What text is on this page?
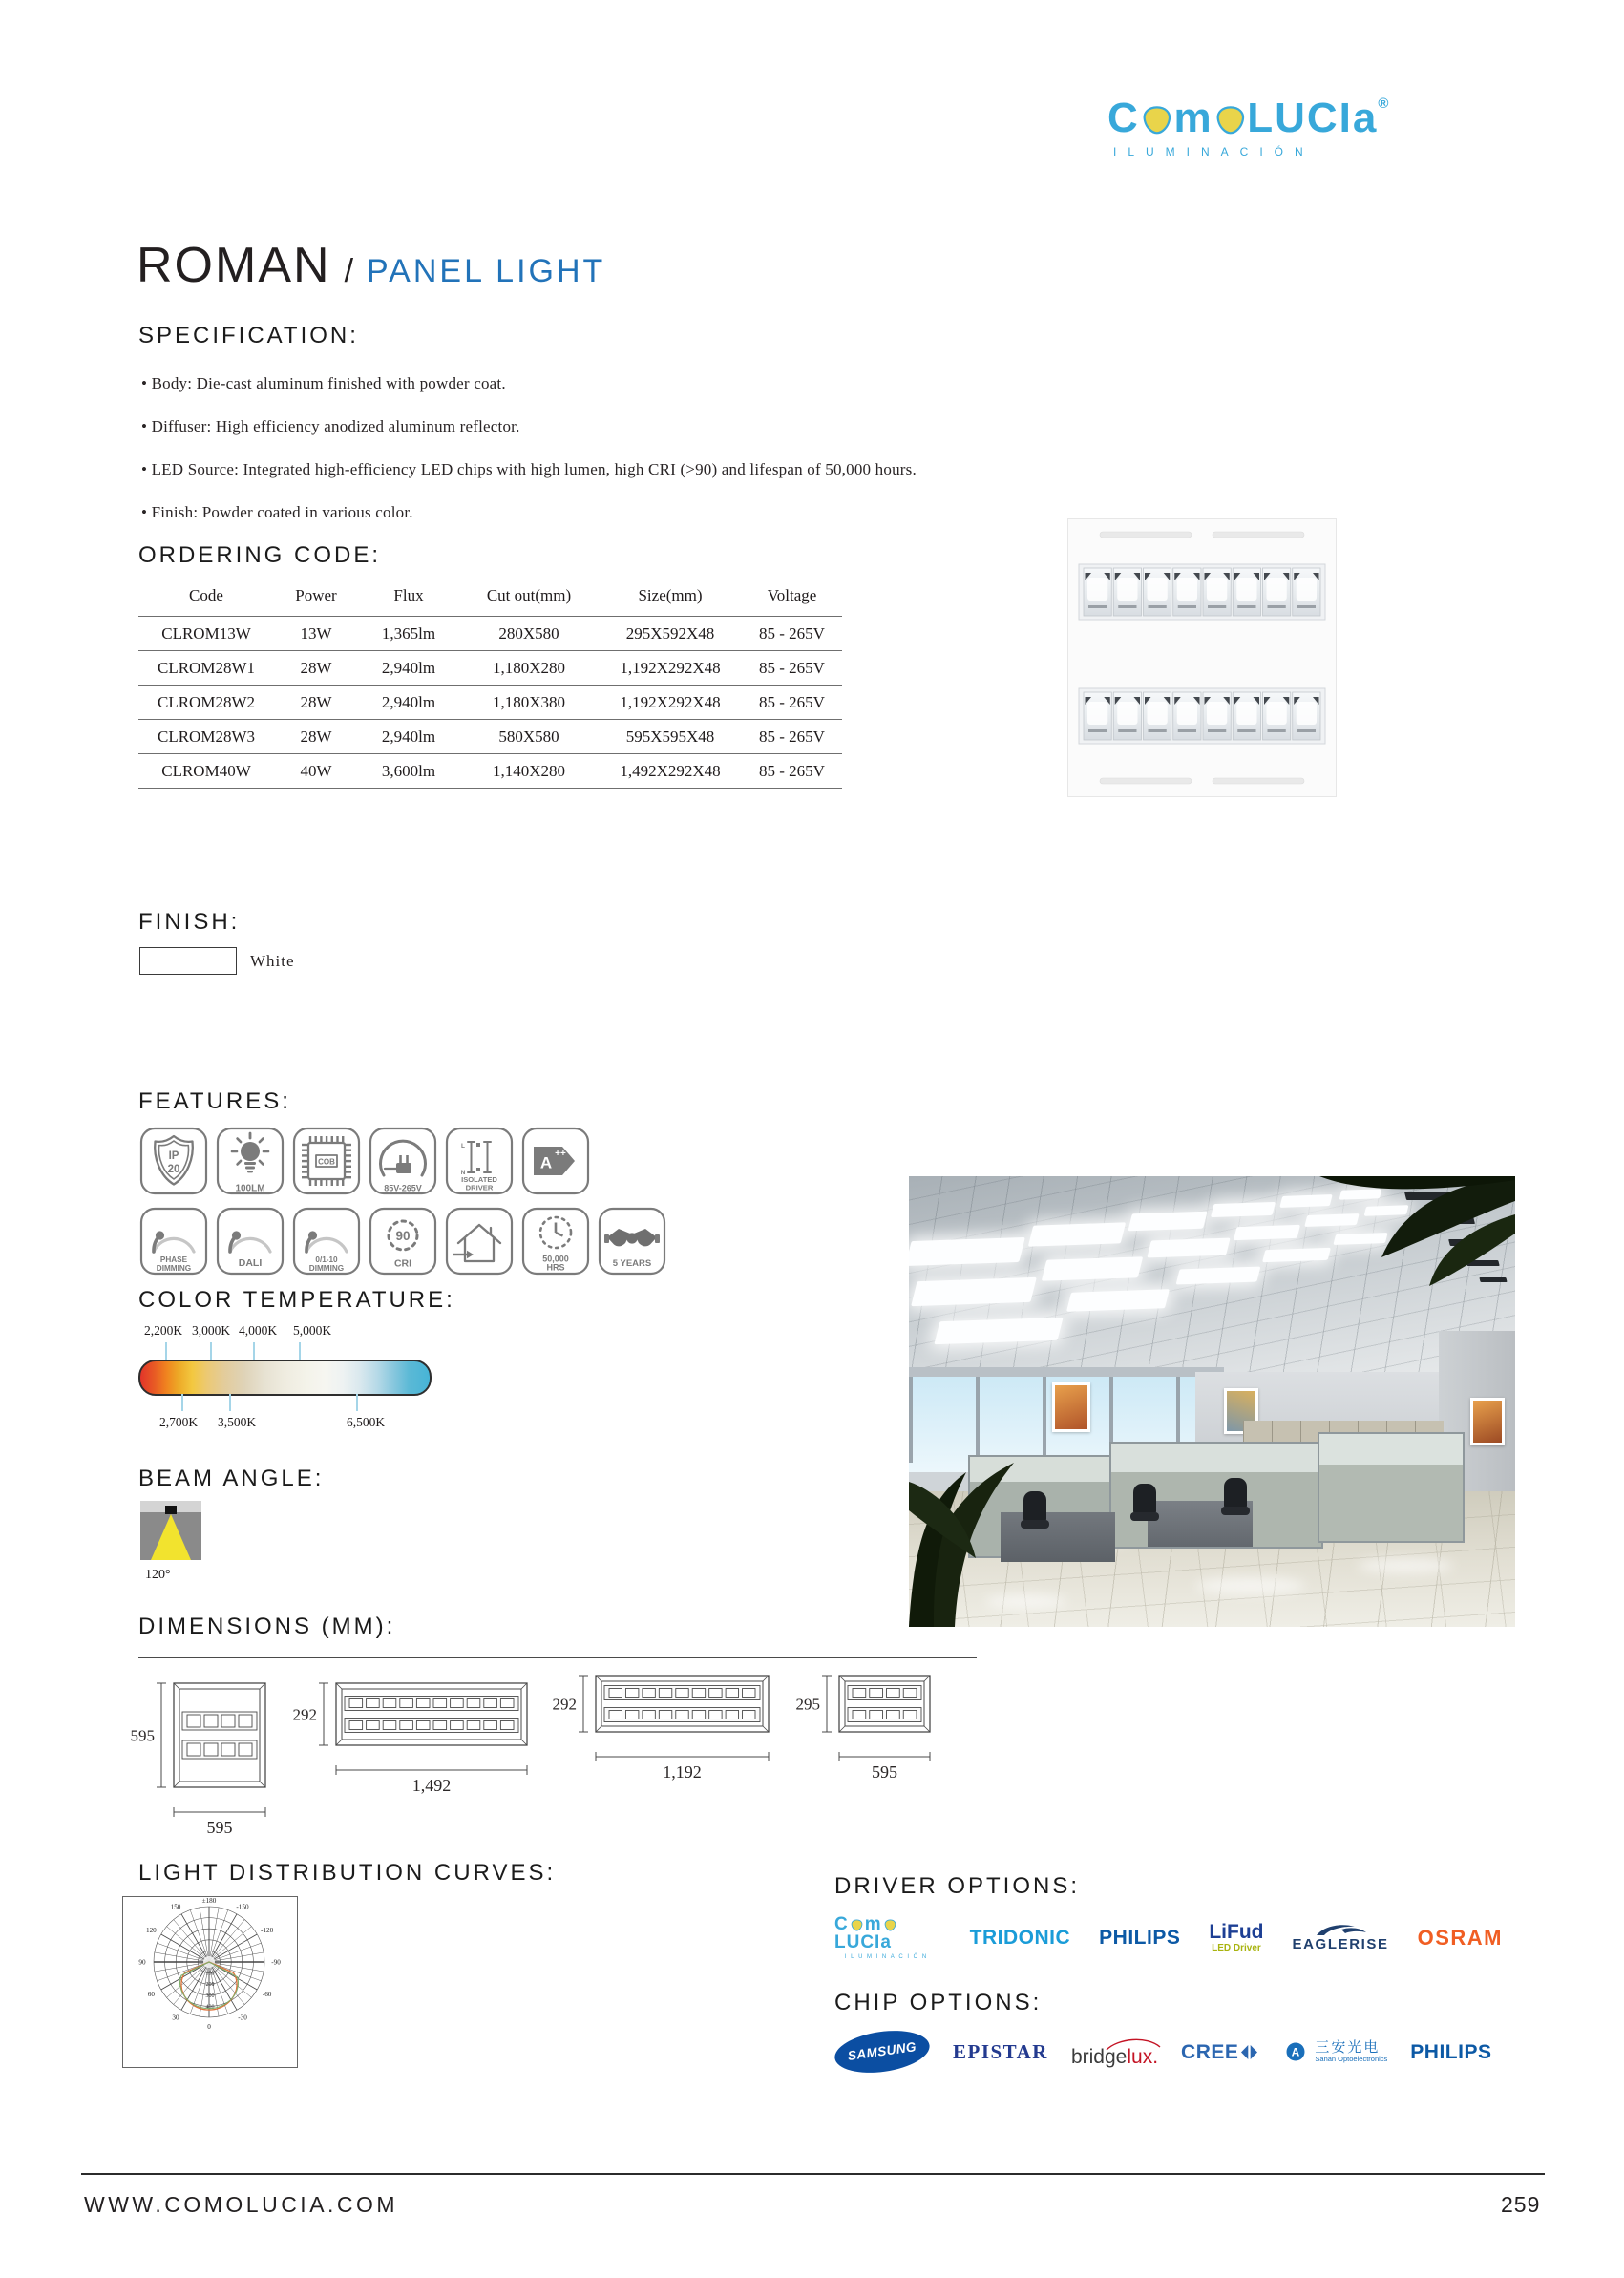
C m LUCIa ®
ILUMINACIÓN
ROMAN / PANEL LIGHT
SPECIFICATION:

• Body: Die-cast aluminum finished with powder coat.

• Diffuser: High efficiency anodized aluminum reflector.

• LED Source: Integrated high-efficiency LED chips with high lumen, high CRI (>90) and lifespan of 50,000 hours.

• Finish: Powder coated in various color.

ORDERING CODE:
Code	Power	Flux	Cut out(mm)	Size(mm)	Voltage
CLROM13W	13W	1,365lm	280X580	295X592X48	85 - 265V
CLROM28W1	28W	2,940lm	1,180X280	1,192X292X48	85 - 265V
CLROM28W2	28W	2,940lm	1,180X380	1,192X292X48	85 - 265V
CLROM28W3	28W	2,940lm	580X580	595X595X48	85 - 265V
CLROM40W	40W	3,600lm	1,140X280	1,492X292X48	85 - 265V
FINISH:
White
FEATURES:
IP
20
100LM
COB
85V-265V
L
N
ISOLATED
DRIVER
A ++
PHASE
DIMMING	DALI	0/1-10
DIMMING
90
CRI	50,000
HRS	5 YEARS
COLOR TEMPERATURE:
2,200K 3,000K 4,000K 5,000K
2,700K 3,500K	6,500K
BEAM ANGLE:
120°
DIMENSIONS (MM):
595
595
292
1,492
292
1,192
295
595
LIGHT DISTRIBUTION CURVES:
±180
150	-150
120	-120
90	-90
60	-60
30	-30
0
100
200
300
400
DRIVER OPTIONS:
C mLUCIa
ILUMINACIÓN
TRIDONIC PHILIPS LiFud
LED Driver EAGLERISE OSRAM
CHIP OPTIONS:
SAMSUNG EPISTAR bridgelux. CREE	A 三安光电
Sanan Optoelectronics PHILIPS
WWW.COMOLUCIA.COM	259
